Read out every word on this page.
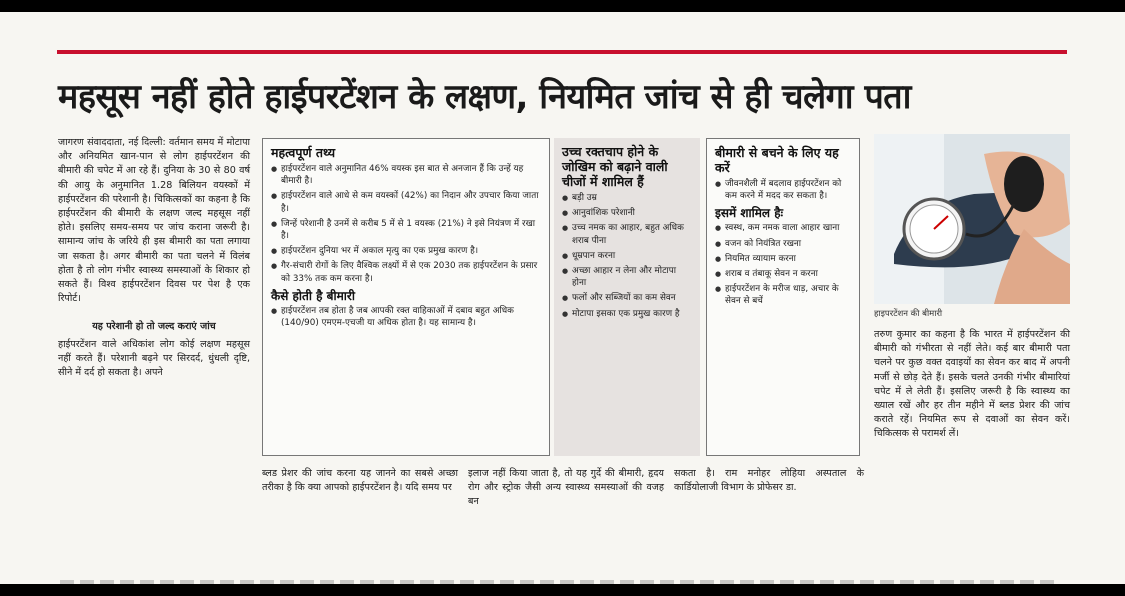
महसूस नहीं होते हाईपरटेंशन के लक्षण, नियमित जांच से ही चलेगा पता

जागरण संवाददाता, नई दिल्ली: वर्तमान समय में मोटापा और अनियमित खान-पान से लोग हाईपरटेंशन की बीमारी की चपेट में आ रहे हैं। दुनिया के 30 से 80 वर्ष की आयु के अनुमानित 1.28 बिलियन वयस्कों में हाईपरटेंशन की परेशानी है। चिकित्सकों का कहना है कि हाईपरटेंशन की बीमारी के लक्षण जल्द महसूस नहीं होते। इसलिए समय-समय पर जांच कराना जरूरी है। सामान्य जांच के जरिये ही इस बीमारी का पता लगाया जा सकता है। अगर बीमारी का पता चलने में विलंब होता है तो लोग गंभीर स्वास्थ्य समस्याओं के शिकार हो सकते हैं। विश्व हाईपरटेंशन दिवस पर पेश है एक रिपोर्ट।

यह परेशानी हो तो जल्द कराएं जांच

हाईपरटेंशन वाले अधिकांश लोग कोई लक्षण महसूस नहीं करते हैं। परेशानी बढ़ने पर सिरदर्द, धुंधली दृष्टि, सीने में दर्द हो सकता है। अपने

महत्वपूर्ण तथ्य
● हाईपरटेंशन वाले अनुमानित 46% वयस्क इस बात से अनजान हैं कि उन्हें यह बीमारी है।
● हाईपरटेंशन वाले आधे से कम वयस्कों (42%) का निदान और उपचार किया जाता है।
● जिन्हें परेशानी है उनमें से करीब 5 में से 1 वयस्क (21%) ने इसे नियंत्रण में रखा है।
● हाईपरटेंशन दुनिया भर में अकाल मृत्यु का एक प्रमुख कारण है।
● गैर-संचारी रोगों के लिए वैश्विक लक्ष्यों में से एक 2030 तक हाईपरटेंशन के प्रसार को 33% तक कम करना है।
कैसे होती है बीमारी
● हाईपरटेंशन तब होता है जब आपकी रक्त वाहिकाओं में दबाव बहुत अधिक (140/90) एमएम-एचजी या अधिक होता है। यह सामान्य है।
उच्च रक्तचाप होने के जोखिम को बढ़ाने वाली चीजों में शामिल हैं
● बड़ी उम्र
● आनुवांशिक परेशानी
● उच्च नमक का आहार, बहुत अधिक शराब पीना
● धूम्रपान करना
● अच्छा आहार न लेना और मोटापा होना
● फलों और सब्जियों का कम सेवन
● मोटापा इसका एक प्रमुख कारण है
बीमारी से बचने के लिए यह करें
● जीवनशैली में बदलाव हाईपरटेंशन को कम करने में मदद कर सकता है।
इसमें शामिल हैः
● स्वस्थ, कम नमक वाला आहार खाना
● वजन को नियंत्रित रखना
● नियमित व्यायाम करना
● शराब व तंबाकू सेवन न करना
● हाईपरटेंशन के मरीज धाड़, अचार के सेवन से बचें
हाइपरटेंशन की बीमारी

तरुण कुमार का कहना है कि भारत में हाईपरटेंशन की बीमारी को गंभीरता से नहीं लेते। कई बार बीमारी पता चलने पर कुछ वक्त दवाइयों का सेवन कर बाद में अपनी मर्जी से छोड़ देते हैं। इसके चलते उनकी गंभीर बीमारियां चपेट में ले लेती हैं। इसलिए जरूरी है कि स्वास्थ्य का ख्याल रखें और हर तीन महीने में ब्लड प्रेशर की जांच कराते रहें। नियमित रूप से दवाओं का सेवन करें। चिकित्सक से परामर्श लें।

ब्लड प्रेशर की जांच करना यह जानने का सबसे अच्छा तरीका है कि क्या आपको हाईपरटेंशन है। यदि समय पर

इलाज नहीं किया जाता है, तो यह गुर्दे की बीमारी, हृदय रोग और स्ट्रोक जैसी अन्य स्वास्थ्य समस्याओं की वजह बन

सकता है। राम मनोहर लोहिया अस्पताल के कार्डियोलाजी विभाग के प्रोफेसर डा.
